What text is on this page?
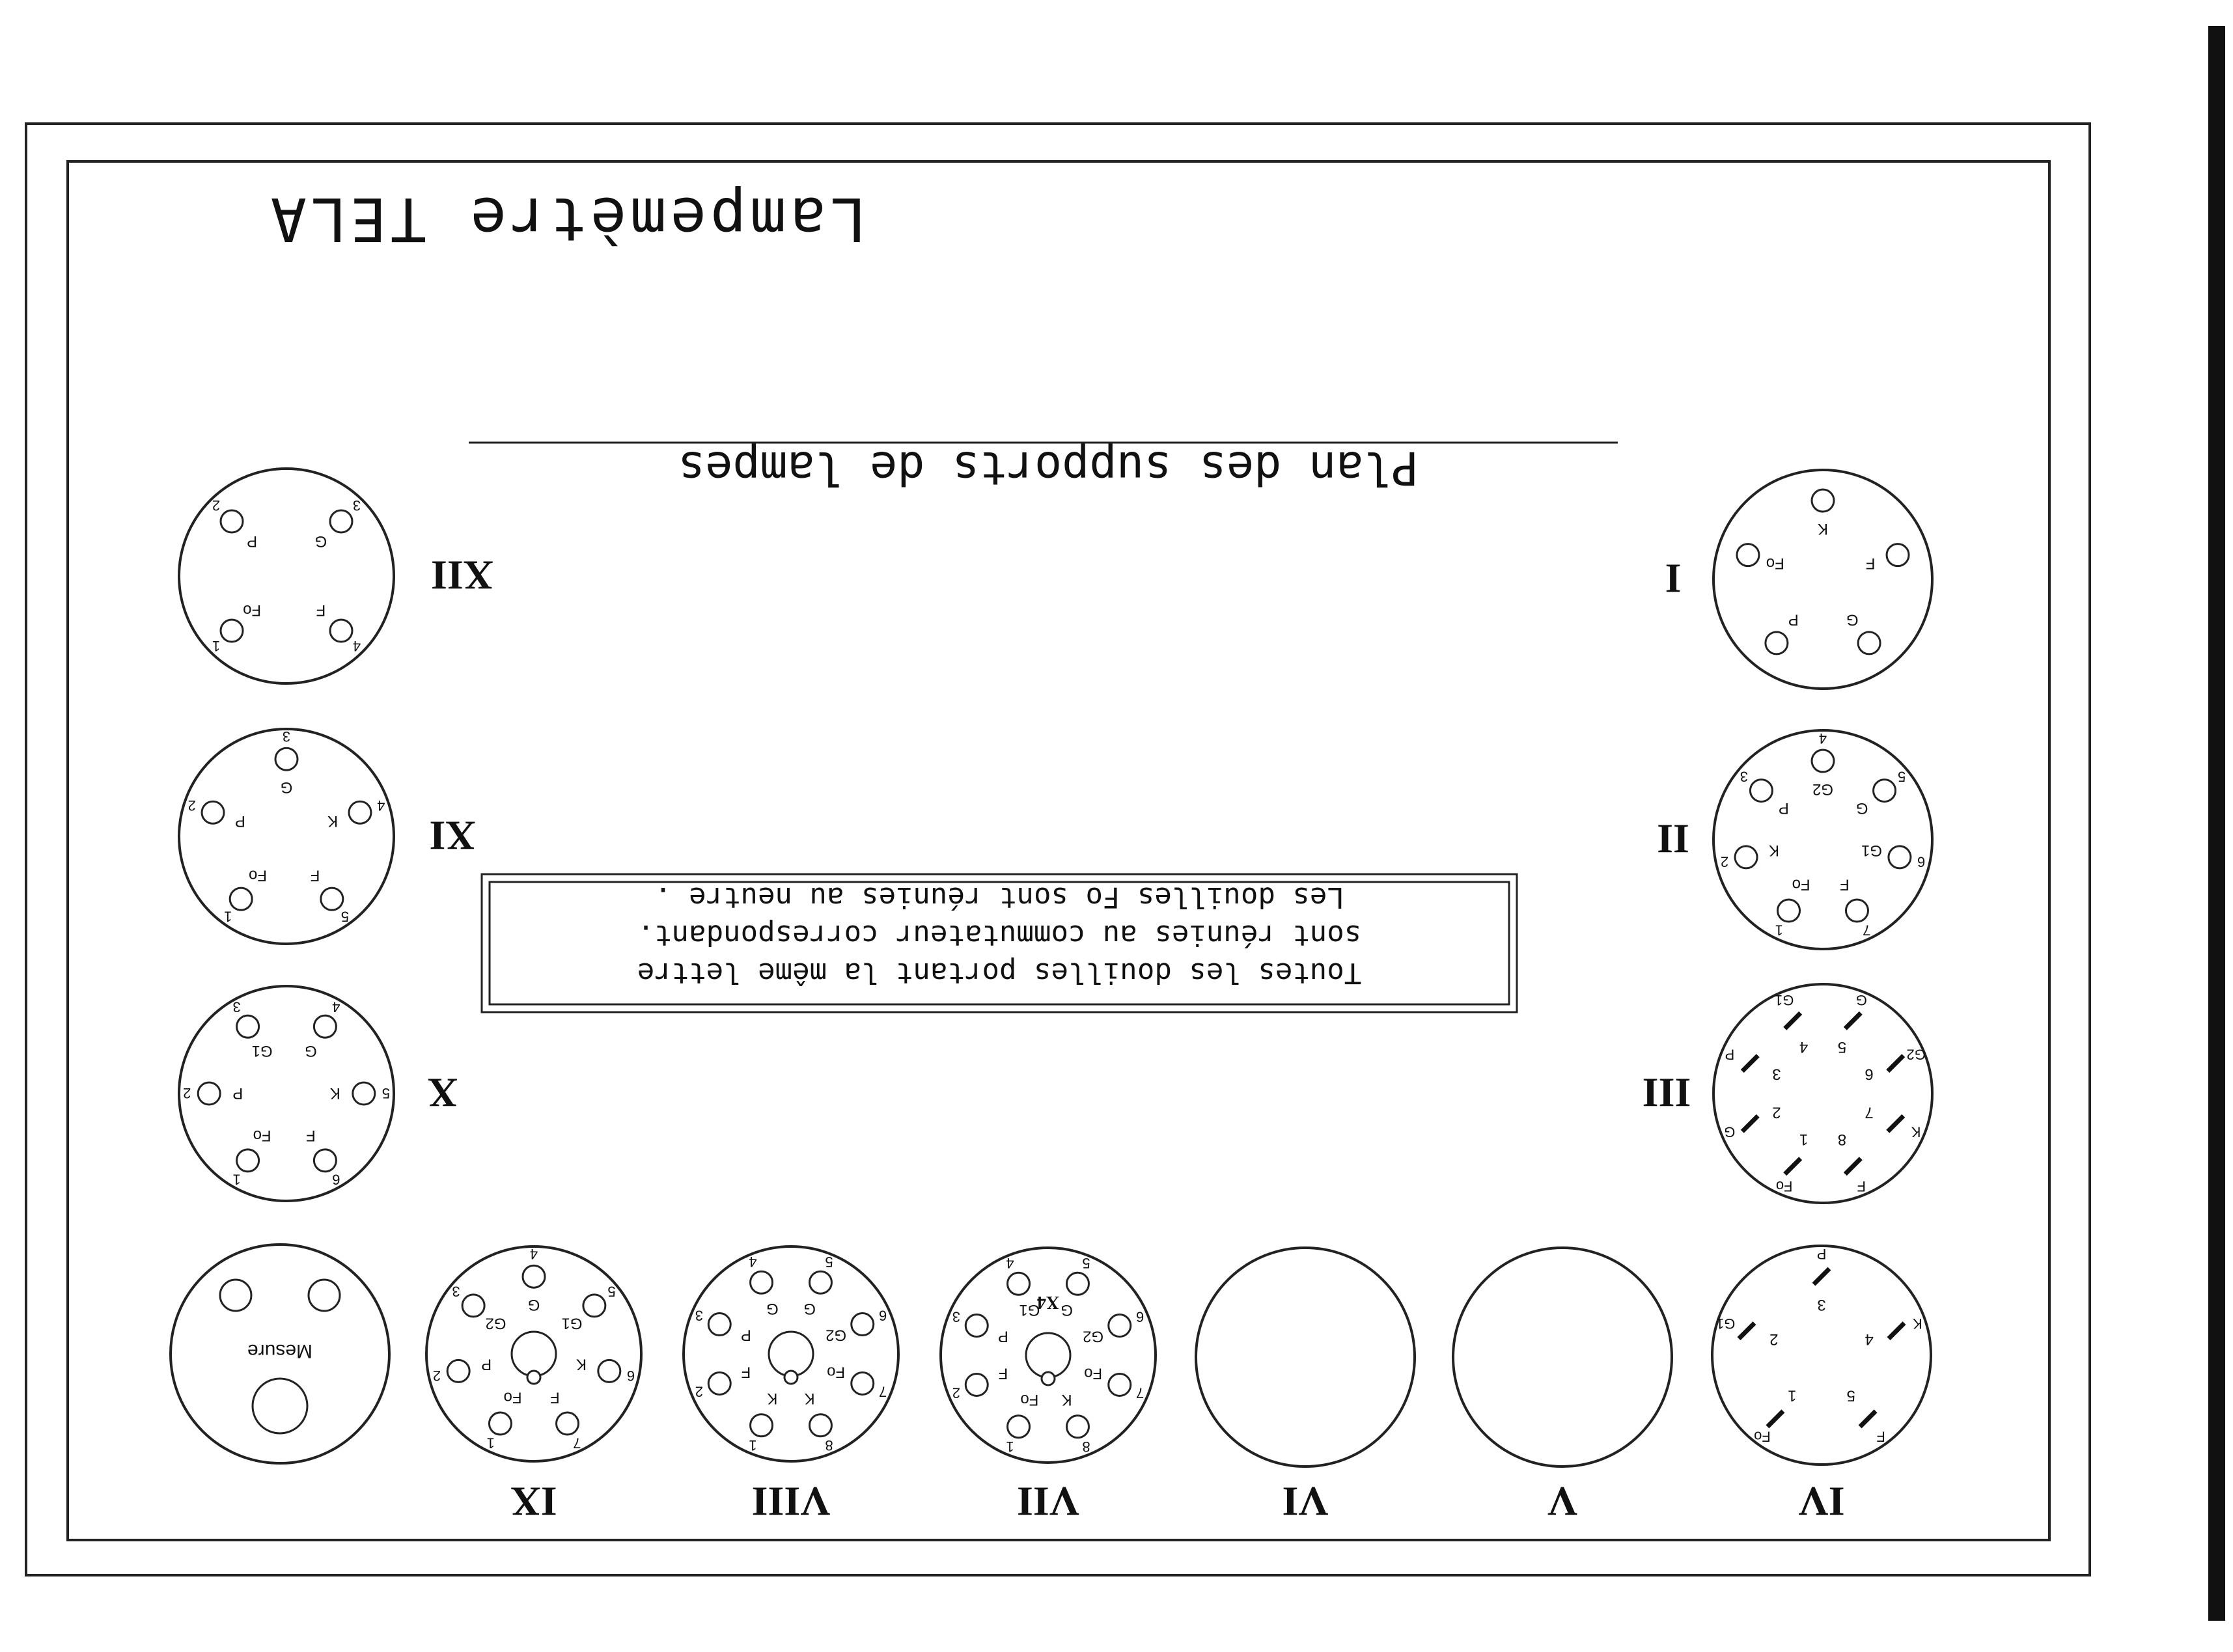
Lampemètre TELA
Plan des supports de lampes
Toutes les douilles portant la même lettre
sont réunies au commutateur correspondant.
Les douilles Fo sont réunies au neutre .
I
P
Fo
K
F
G
II
Fo
1
K
2
P
3
G2
4
G
5
G1
6
F
7
III
1
Fo
2
G
3
P	4
G1
5
G
6
G2
7
K
8
F
IV
1
Fo
2
G1
3
P
4
K
5
F
V
VI
VII
Fo
1
F
2
P
3	G1
4
G
5
G2
6
Fo
7
K
8
X4
VIII
K
1
F
2
P
3	G
4
G
5
G2
6
Fo
7
K
8
IX
Fo
1
P
2
G2
3
G
4
G1
5
K
6
F
7
X
Fo
1
P
2
G1
3
G
4
K	5
F
6
XI
Fo
1
P
2
G
3
K
4
F
5
XII
Fo
1
P
2
G
3
F
4
Mesure
